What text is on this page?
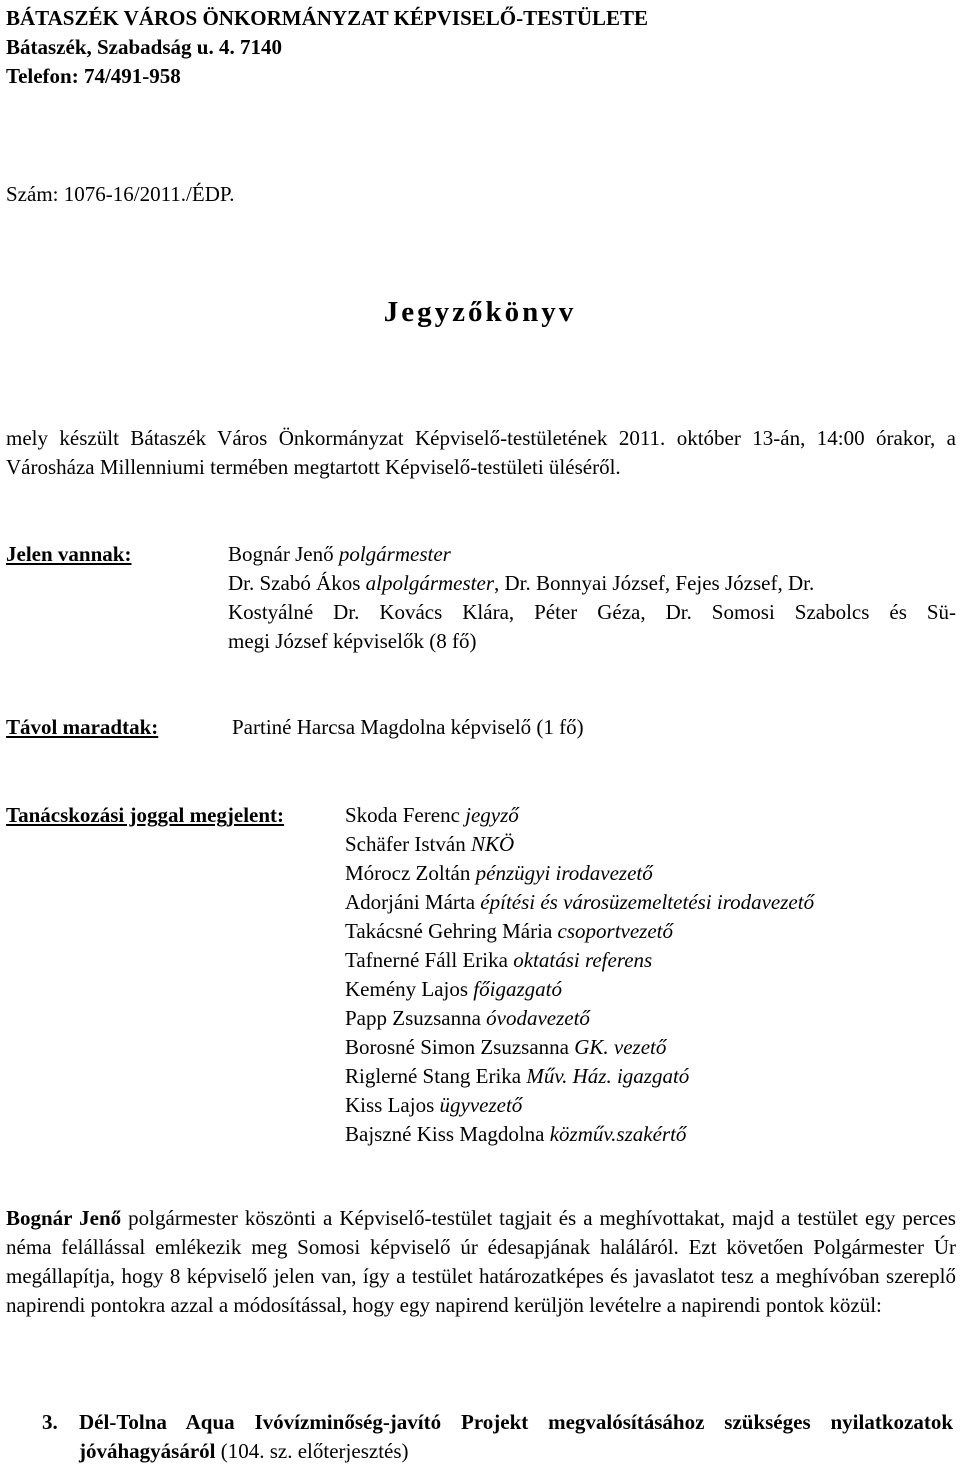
BÁTASZÉK VÁROS ÖNKORMÁNYZAT KÉPVISELŐ-TESTÜLETE
Bátaszék, Szabadság u. 4. 7140
Telefon: 74/491-958
Szám: 1076-16/2011./ÉDP.
Jegyzőkönyv
mely készült Bátaszék Város Önkormányzat Képviselő-testületének 2011. október 13-án, 14:00 órakor, a Városháza Millenniumi termében megtartott Képviselő-testületi üléséről.
Jelen vannak:	Bognár Jenő polgármester
Dr. Szabó Ákos alpolgármester, Dr. Bonnyai József, Fejes József, Dr.
Kostyálné Dr. Kovács Klára, Péter Géza, Dr. Somosi Szabolcs és Sü-
megi József képviselők (8 fő)
Távol maradtak:	Partiné Harcsa Magdolna képviselő (1 fő)
Tanácskozási joggal megjelent:	Skoda Ferenc jegyző
Schäfer István NKÖ
Mórocz Zoltán pénzügyi irodavezető
Adorjáni Márta építési és városüzemeltetési irodavezető
Takácsné Gehring Mária csoportvezető
Tafnerné Fáll Erika oktatási referens
Kemény Lajos főigazgató
Papp Zsuzsanna óvodavezető
Borosné Simon Zsuzsanna GK. vezető
Riglerné Stang Erika Műv. Ház. igazgató
Kiss Lajos ügyvezető
Bajszné Kiss Magdolna közműv.szakértő
Bognár Jenő polgármester köszönti a Képviselő-testület tagjait és a meghívottakat, majd a testület egy perces néma felállással emlékezik meg Somosi képviselő úr édesapjának haláláról. Ezt követően Polgármester Úr megállapítja, hogy 8 képviselő jelen van, így a testület határozatképes és javaslatot tesz a meghívóban szereplő napirendi pontokra azzal a módosítással, hogy egy napirend kerüljön levételre a napirendi pontok közül:
3. Dél-Tolna Aqua Ivóvízminőség-javító Projekt megvalósításához szükséges nyilatkozatok jóváhagyásáról (104. sz. előterjesztés)
